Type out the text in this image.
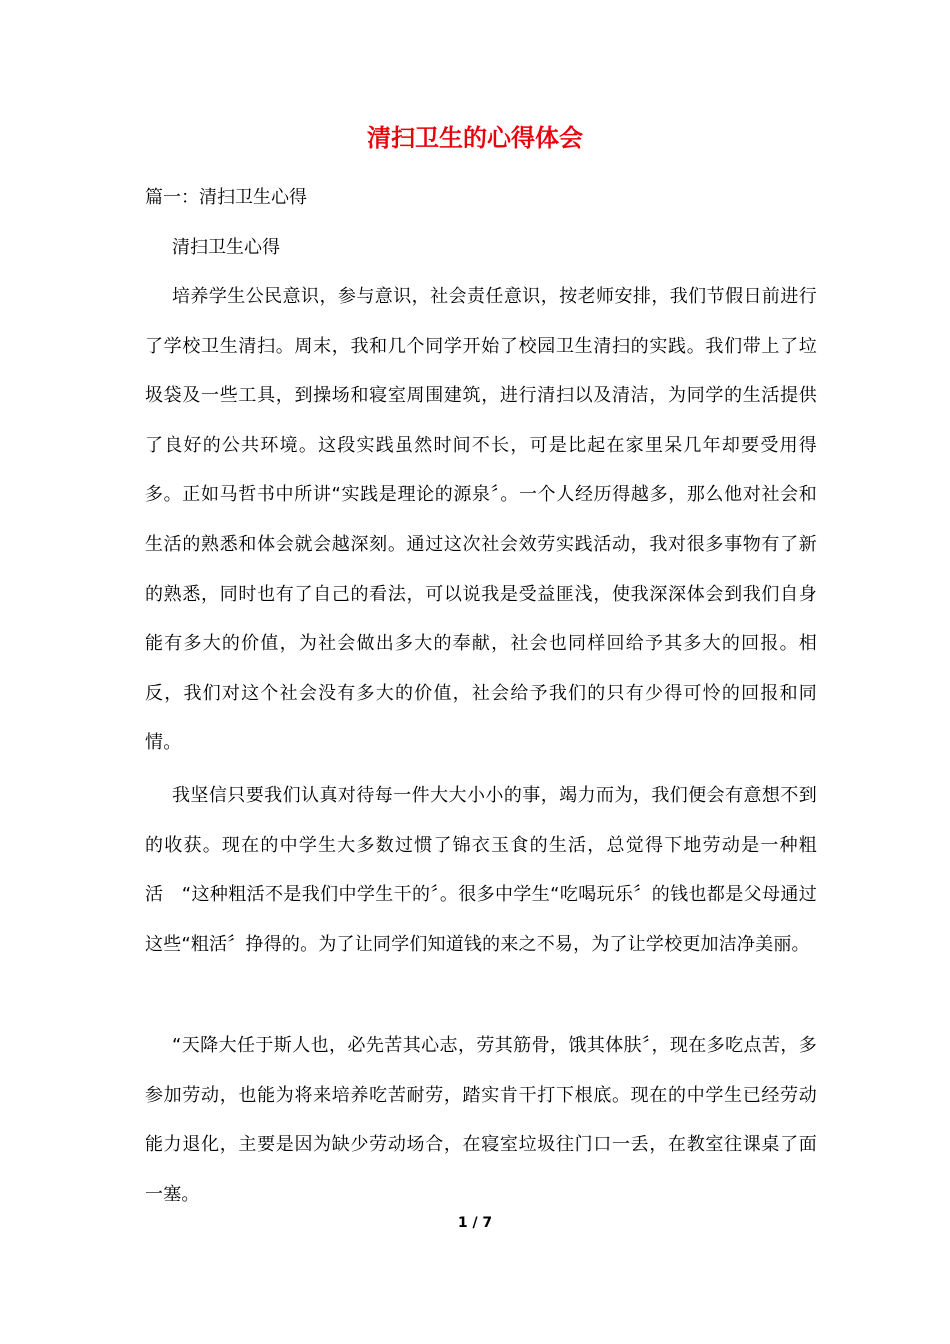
清扫卫生的心得体会
篇一：清扫卫生心得
清扫卫生心得
培养学生公民意识，参与意识，社会责任意识，按老师安排，我们节假日前进行了学校卫生清扫。周末，我和几个同学开始了校园卫生清扫的实践。我们带上了垃圾袋及一些工具，到操场和寝室周围建筑，进行清扫以及清洁，为同学的生活提供了良好的公共环境。这段实践虽然时间不长，可是比起在家里呆几年却要受用得多。正如马哲书中所讲“实践是理论的源泉〞。一个人经历得越多，那么他对社会和生活的熟悉和体会就会越深刻。通过这次社会效劳实践活动，我对很多事物有了新的熟悉，同时也有了自己的看法，可以说我是受益匪浅，使我深深体会到我们自身能有多大的价值，为社会做出多大的奉献，社会也同样回给予其多大的回报。相反，我们对这个社会没有多大的价值，社会给予我们的只有少得可怜的回报和同情。
我坚信只要我们认真对待每一件大大小小的事，竭力而为，我们便会有意想不到的收获。现在的中学生大多数过惯了锦衣玉食的生活，总觉得下地劳动是一种粗活　“这种粗活不是我们中学生干的〞。很多中学生“吃喝玩乐〞的钱也都是父母通过这些“粗活〞挣得的。为了让同学们知道钱的来之不易，为了让学校更加洁净美丽。
“天降大任于斯人也，必先苦其心志，劳其筋骨，饿其体肤〞，现在多吃点苦，多参加劳动，也能为将来培养吃苦耐劳，踏实肯干打下根底。现在的中学生已经劳动能力退化，主要是因为缺少劳动场合，在寝室垃圾往门口一丢，在教室往课桌了面一塞。
1 / 7
